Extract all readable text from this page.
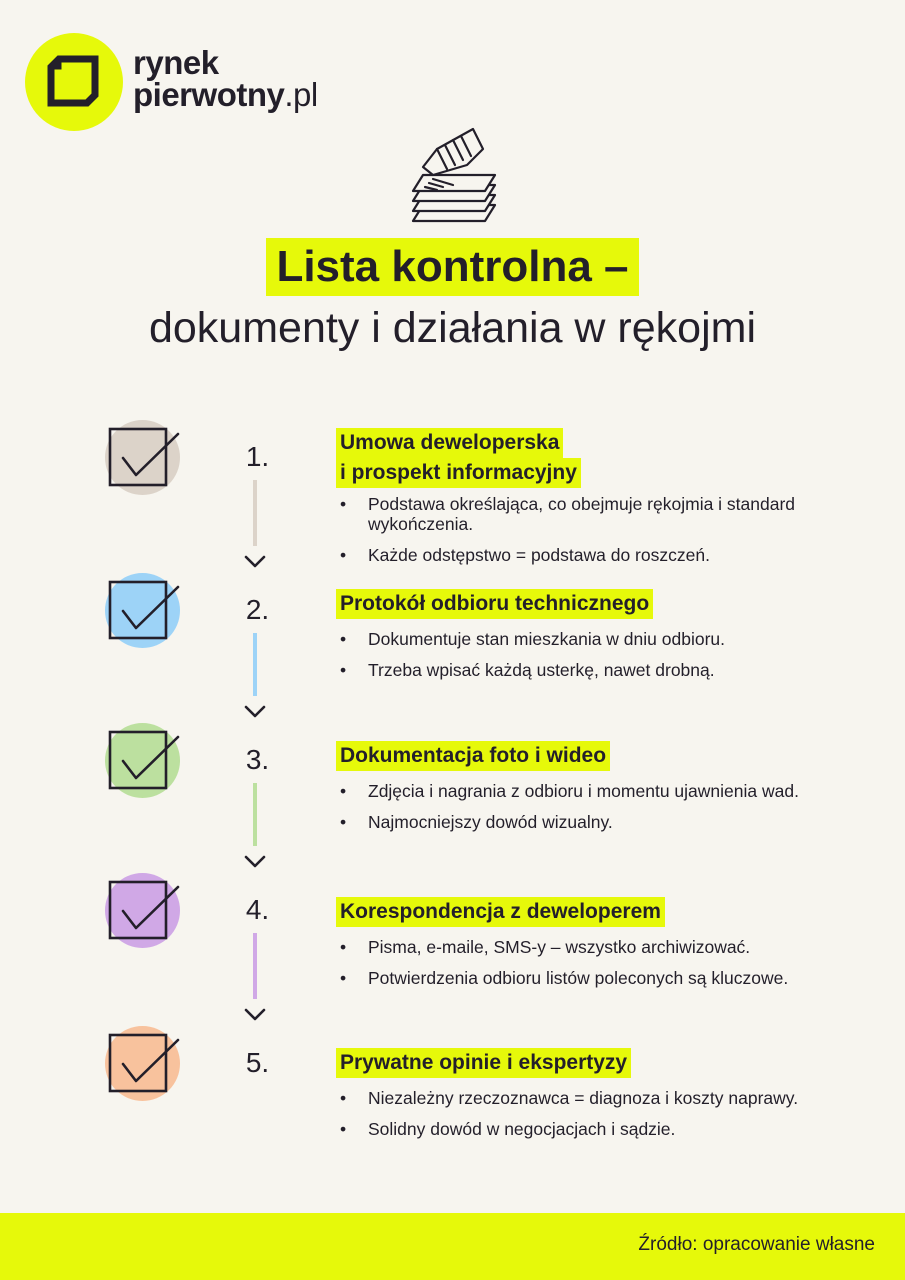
rynek
pierwotny.pl
Lista kontrolna –
dokumenty i działania w rękojmi
1.	Umowa deweloperska
i prospekt informacyjny
• Podstawa określająca, co obejmuje rękojmia i standard wykończenia.
• Każde odstępstwo = podstawa do roszczeń.
2.	Protokół odbioru technicznego
• Dokumentuje stan mieszkania w dniu odbioru.
• Trzeba wpisać każdą usterkę, nawet drobną.
3.	Dokumentacja foto i wideo
• Zdjęcia i nagrania z odbioru i momentu ujawnienia wad.
• Najmocniejszy dowód wizualny.
4.	Korespondencja z deweloperem
• Pisma, e-maile, SMS-y – wszystko archiwizować.
• Potwierdzenia odbioru listów poleconych są kluczowe.
5.	Prywatne opinie i ekspertyzy
• Niezależny rzeczoznawca = diagnoza i koszty naprawy.
• Solidny dowód w negocjacjach i sądzie.
Źródło: opracowanie własne
